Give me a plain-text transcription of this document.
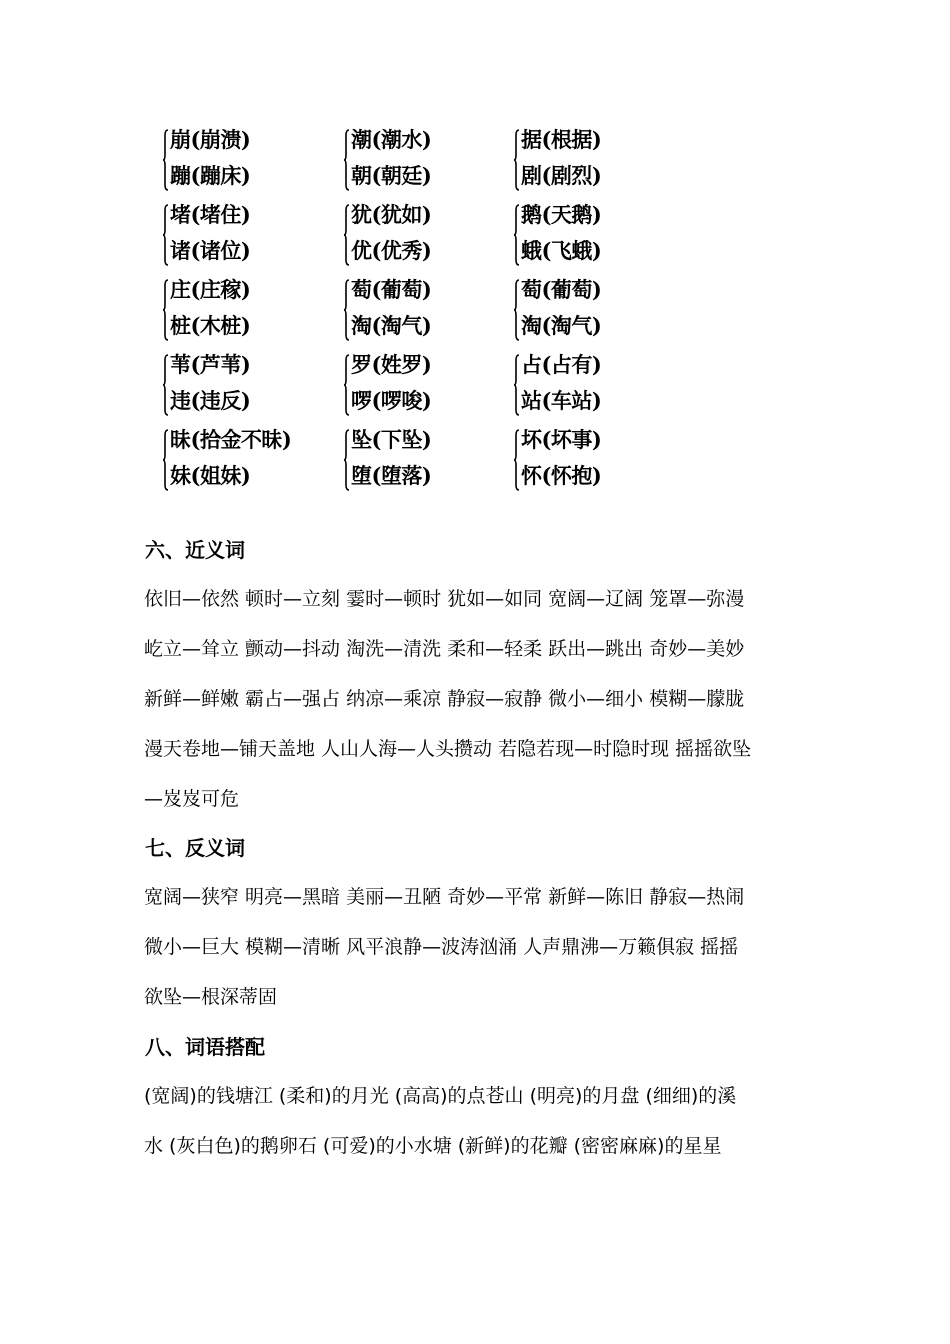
崩(崩溃)
蹦(蹦床)
潮(潮水)
朝(朝廷)
据(根据)
剧(剧烈)
堵(堵住)
诸(诸位)
犹(犹如)
优(优秀)
鹅(天鹅)
蛾(飞蛾)
庄(庄稼)
桩(木桩)
萄(葡萄)
淘(淘气)
萄(葡萄)
淘(淘气)
苇(芦苇)
违(违反)
罗(姓罗)
啰(啰唆)
占(占有)
站(车站)
昧(拾金不昧)
妹(姐妹)
坠(下坠)
堕(堕落)
坏(坏事)
怀(怀抱)
六、近义词
依旧—依然 顿时—立刻 霎时—顿时 犹如—如同 宽阔—辽阔 笼罩—弥漫
屹立—耸立 颤动—抖动 淘洗—清洗 柔和—轻柔 跃出—跳出 奇妙—美妙
新鲜—鲜嫩 霸占—强占 纳凉—乘凉 静寂—寂静 微小—细小 模糊—朦胧
漫天卷地—铺天盖地 人山人海—人头攒动 若隐若现—时隐时现 摇摇欲坠
—岌岌可危
七、反义词
宽阔—狭窄 明亮—黑暗 美丽—丑陋 奇妙—平常 新鲜—陈旧 静寂—热闹
微小—巨大 模糊—清晰 风平浪静—波涛汹涌 人声鼎沸—万籁俱寂 摇摇
欲坠—根深蒂固
八、词语搭配
(宽阔)的钱塘江 (柔和)的月光 (高高)的点苍山 (明亮)的月盘 (细细)的溪
水 (灰白色)的鹅卵石 (可爱)的小水塘 (新鲜)的花瓣 (密密麻麻)的星星
